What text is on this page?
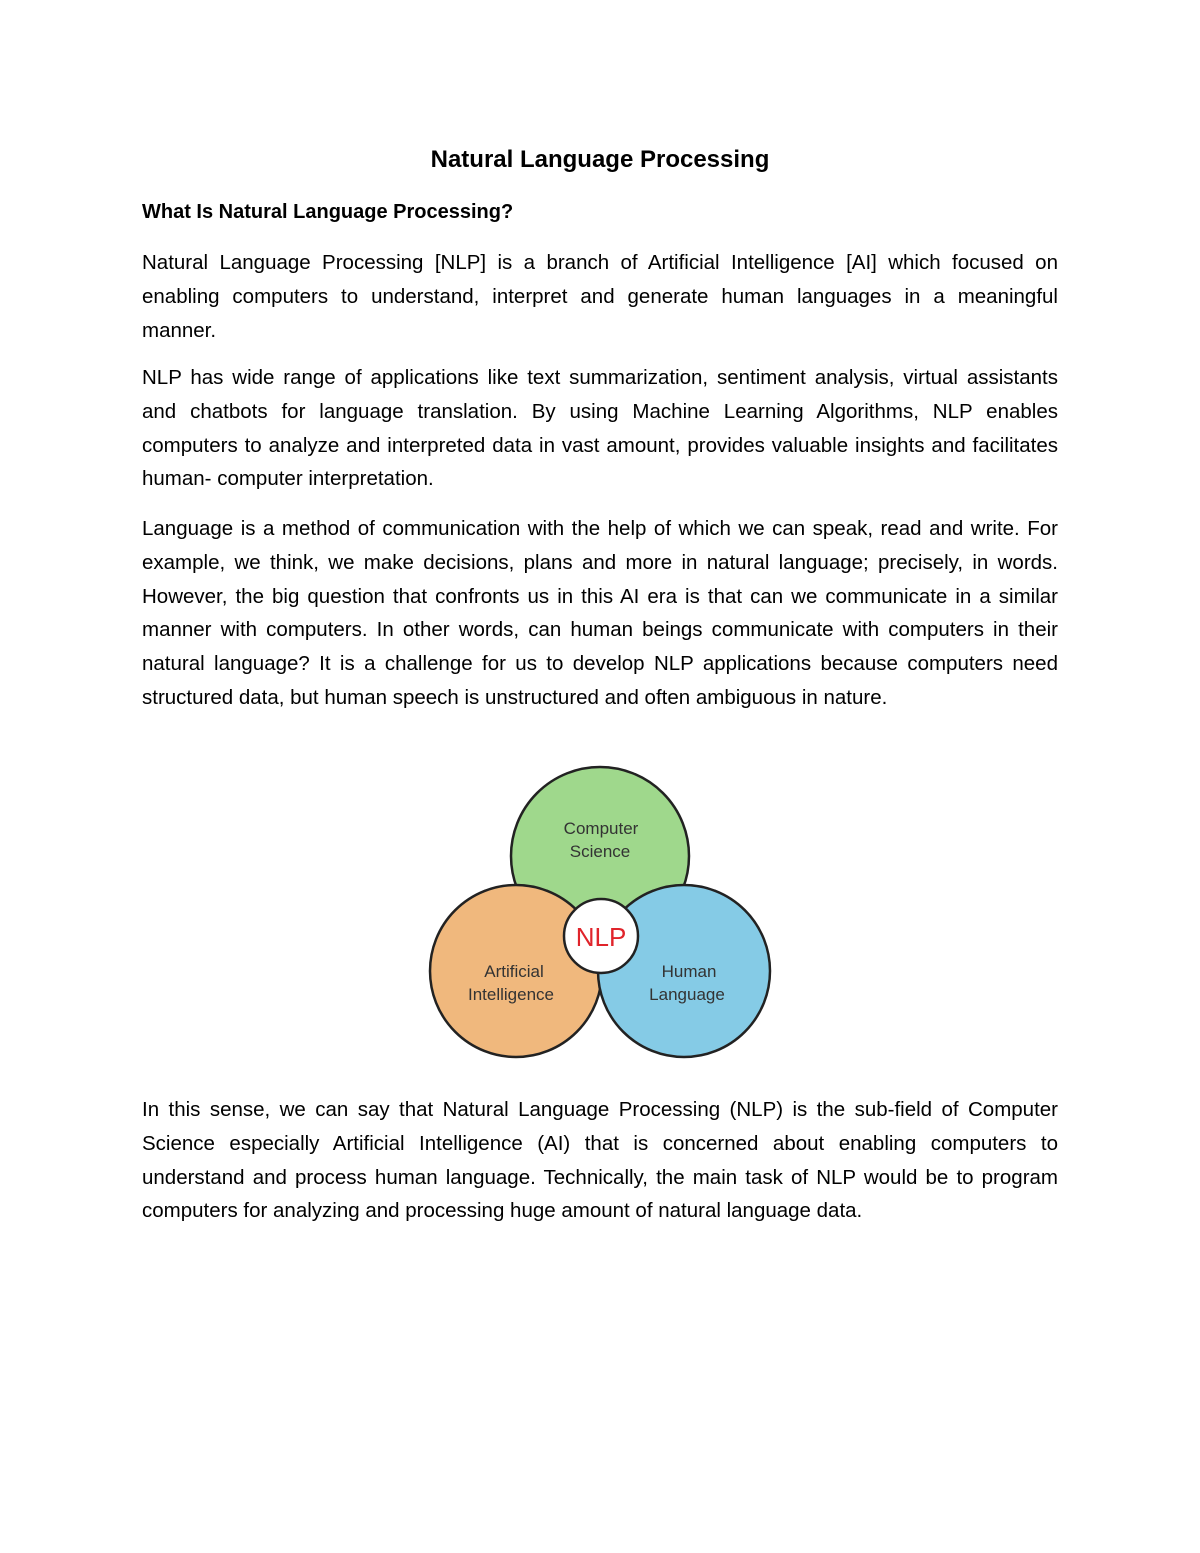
Natural Language Processing
What Is Natural Language Processing?

Natural Language Processing [NLP] is a branch of Artificial Intelligence [AI] which focused on enabling computers to understand, interpret and generate human languages in a meaningful manner.

NLP has wide range of applications like text summarization, sentiment analysis, virtual assistants and chatbots for language translation. By using Machine Learning Algorithms, NLP enables computers to analyze and interpreted data in vast amount, provides valuable insights and facilitates human- computer interpretation.

Language is a method of communication with the help of which we can speak, read and write. For example, we think, we make decisions, plans and more in natural language; precisely, in words. However, the big question that confronts us in this AI era is that can we communicate in a similar manner with computers. In other words, can human beings communicate with computers in their natural language? It is a challenge for us to develop NLP applications because computers need structured data, but human speech is unstructured and often ambiguous in nature.

Computer
Science
Artificial
Intelligence
Human
Language
NLP

In this sense, we can say that Natural Language Processing (NLP) is the sub-field of Computer Science especially Artificial Intelligence (AI) that is concerned about enabling computers to understand and process human language. Technically, the main task of NLP would be to program computers for analyzing and processing huge amount of natural language data.
